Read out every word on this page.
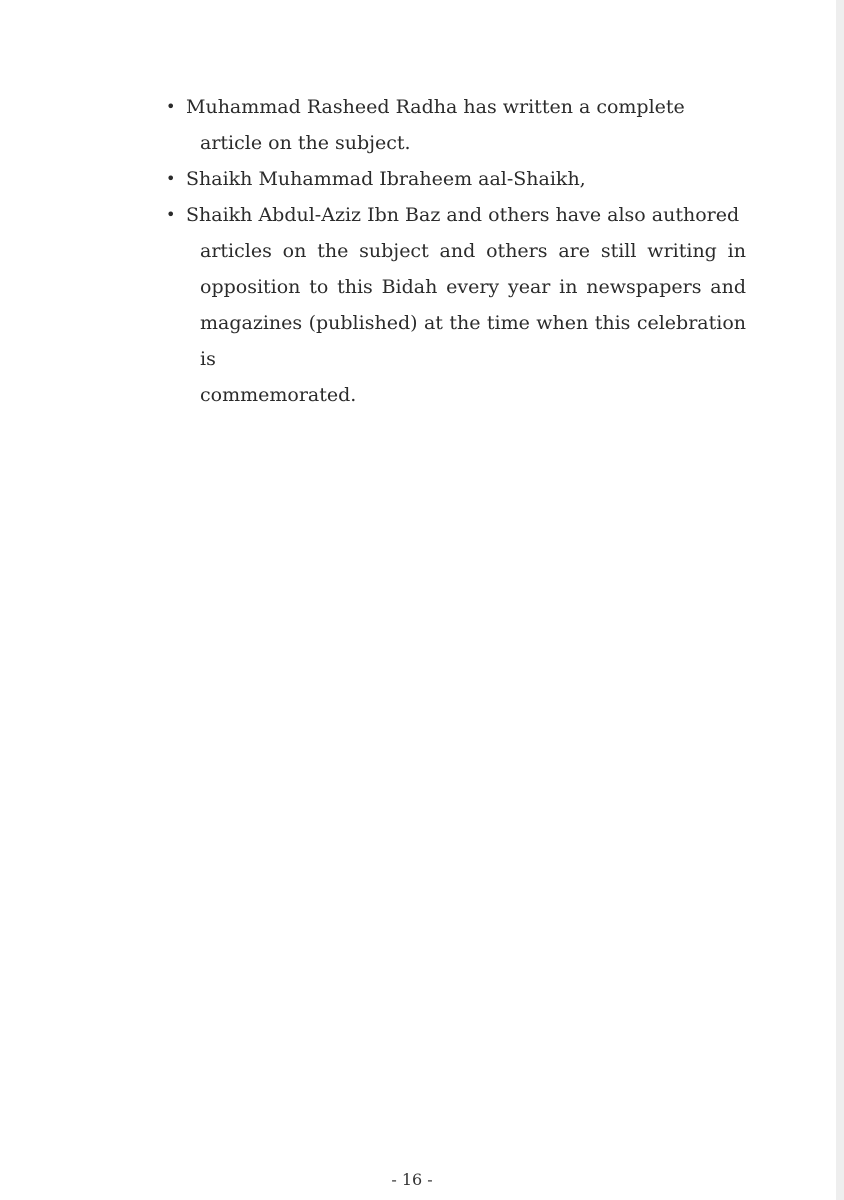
• Muhammad Rasheed Radha has written a complete
article on the subject.
• Shaikh Muhammad Ibraheem aal-Shaikh,
• Shaikh Abdul-Aziz Ibn Baz and others have also authored
articles on the subject and others are still writing in
opposition to this Bidah every year in newspapers and
magazines (published) at the time when this celebration is
commemorated.
- 16 -
